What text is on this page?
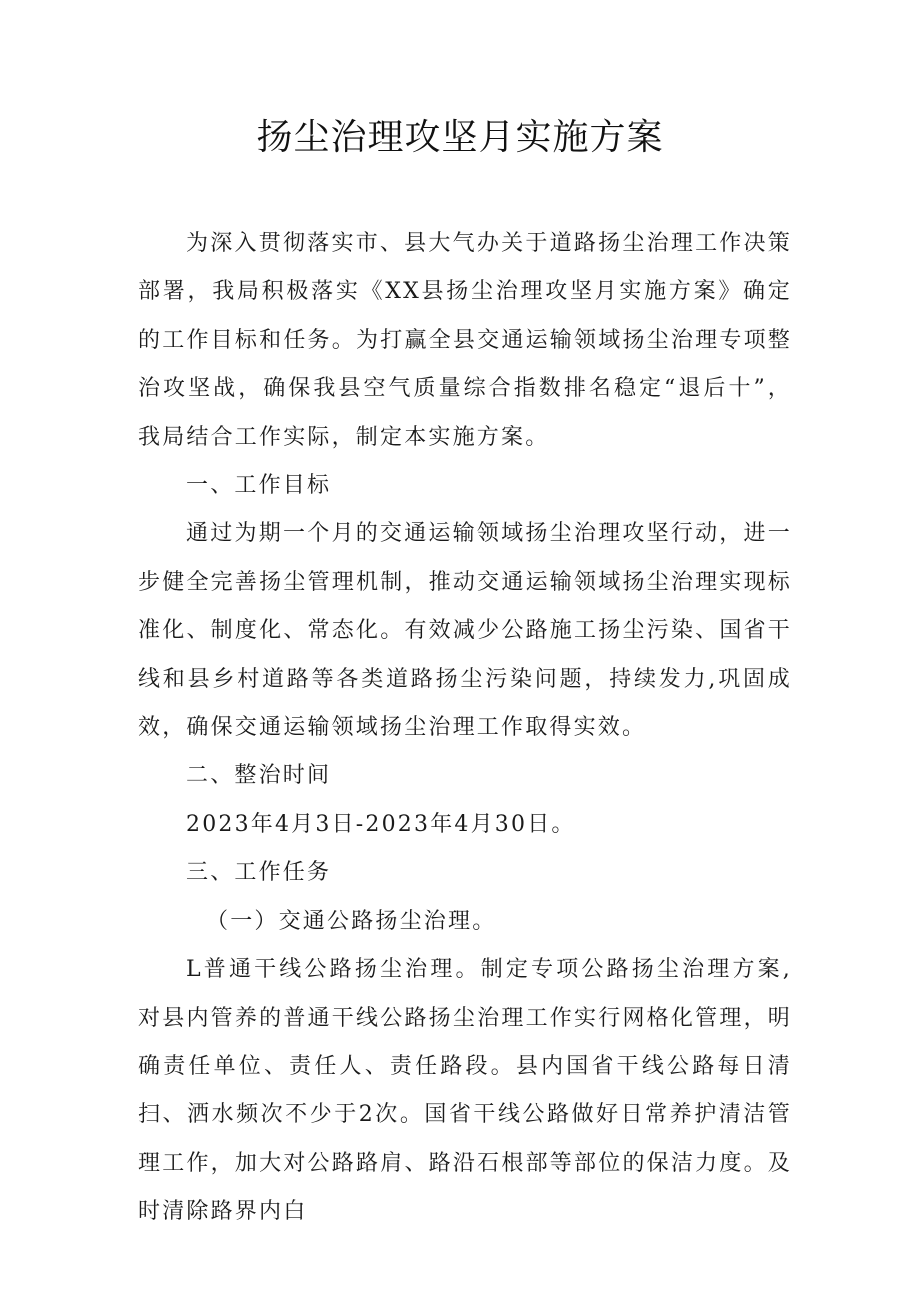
扬尘治理攻坚月实施方案

为深入贯彻落实市、县大气办关于道路扬尘治理工作决策部署，我局积极落实《XX县扬尘治理攻坚月实施方案》确定的工作目标和任务。为打赢全县交通运输领域扬尘治理专项整治攻坚战，确保我县空气质量综合指数排名稳定“退后十”，我局结合工作实际，制定本实施方案。

一、工作目标

通过为期一个月的交通运输领域扬尘治理攻坚行动，进一步健全完善扬尘管理机制，推动交通运输领域扬尘治理实现标准化、制度化、常态化。有效减少公路施工扬尘污染、国省干线和县乡村道路等各类道路扬尘污染问题，持续发力,巩固成效，确保交通运输领域扬尘治理工作取得实效。

二、整治时间

2023年4月3日-2023年4月30日。

三、工作任务

（一）交通公路扬尘治理。

L普通干线公路扬尘治理。制定专项公路扬尘治理方案,对县内管养的普通干线公路扬尘治理工作实行网格化管理，明确责任单位、责任人、责任路段。县内国省干线公路每日清扫、洒水频次不少于2次。国省干线公路做好日常养护清洁管理工作，加大对公路路肩、路沿石根部等部位的保洁力度。及时清除路界内白
